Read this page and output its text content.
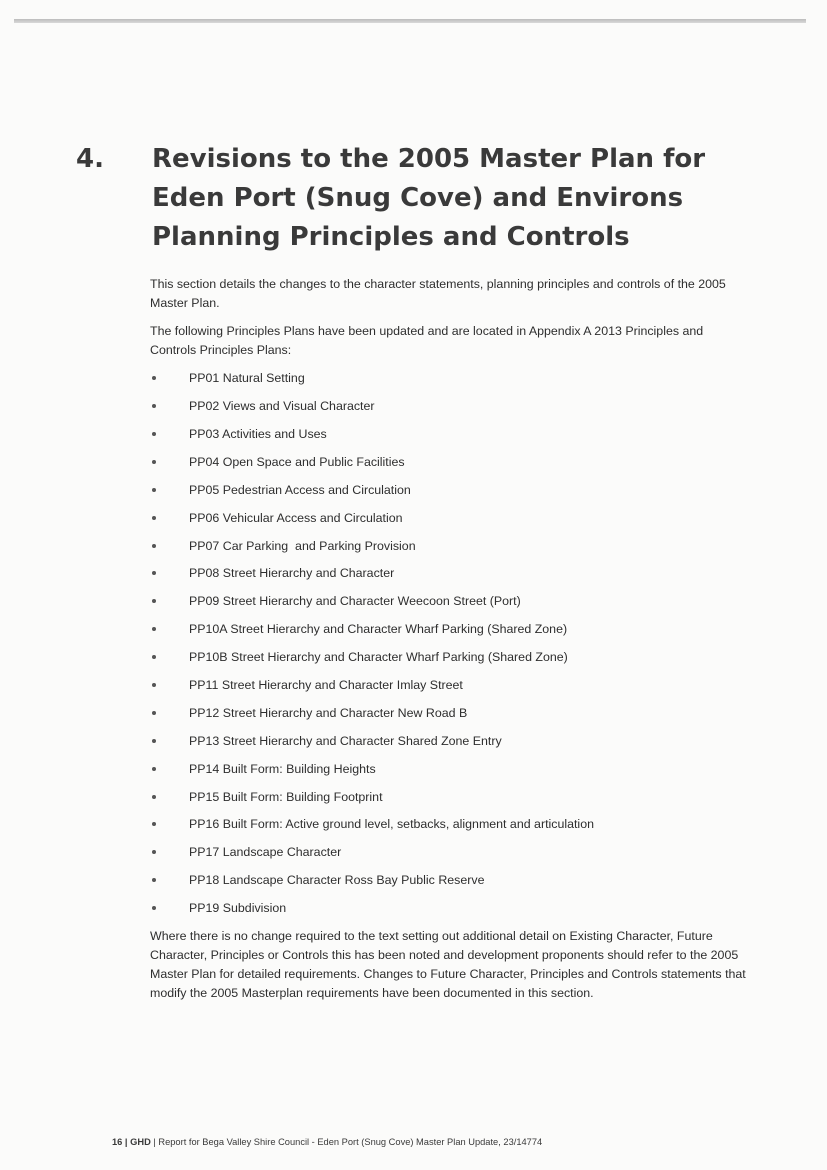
4. Revisions to the 2005 Master Plan for Eden Port (Snug Cove) and Environs Planning Principles and Controls

This section details the changes to the character statements, planning principles and controls of the 2005 Master Plan.

The following Principles Plans have been updated and are located in Appendix A 2013 Principles and Controls Principles Plans:

PP01 Natural Setting
PP02 Views and Visual Character
PP03 Activities and Uses
PP04 Open Space and Public Facilities
PP05 Pedestrian Access and Circulation
PP06 Vehicular Access and Circulation
PP07 Car Parking  and Parking Provision
PP08 Street Hierarchy and Character
PP09 Street Hierarchy and Character Weecoon Street (Port)
PP10A Street Hierarchy and Character Wharf Parking (Shared Zone)
PP10B Street Hierarchy and Character Wharf Parking (Shared Zone)
PP11 Street Hierarchy and Character Imlay Street
PP12 Street Hierarchy and Character New Road B
PP13 Street Hierarchy and Character Shared Zone Entry
PP14 Built Form: Building Heights
PP15 Built Form: Building Footprint
PP16 Built Form: Active ground level, setbacks, alignment and articulation
PP17 Landscape Character
PP18 Landscape Character Ross Bay Public Reserve
PP19 Subdivision

Where there is no change required to the text setting out additional detail on Existing Character, Future Character, Principles or Controls this has been noted and development proponents should refer to the 2005 Master Plan for detailed requirements. Changes to Future Character, Principles and Controls statements that modify the 2005 Masterplan requirements have been documented in this section.

16 | GHD | Report for Bega Valley Shire Council - Eden Port (Snug Cove) Master Plan Update, 23/14774
